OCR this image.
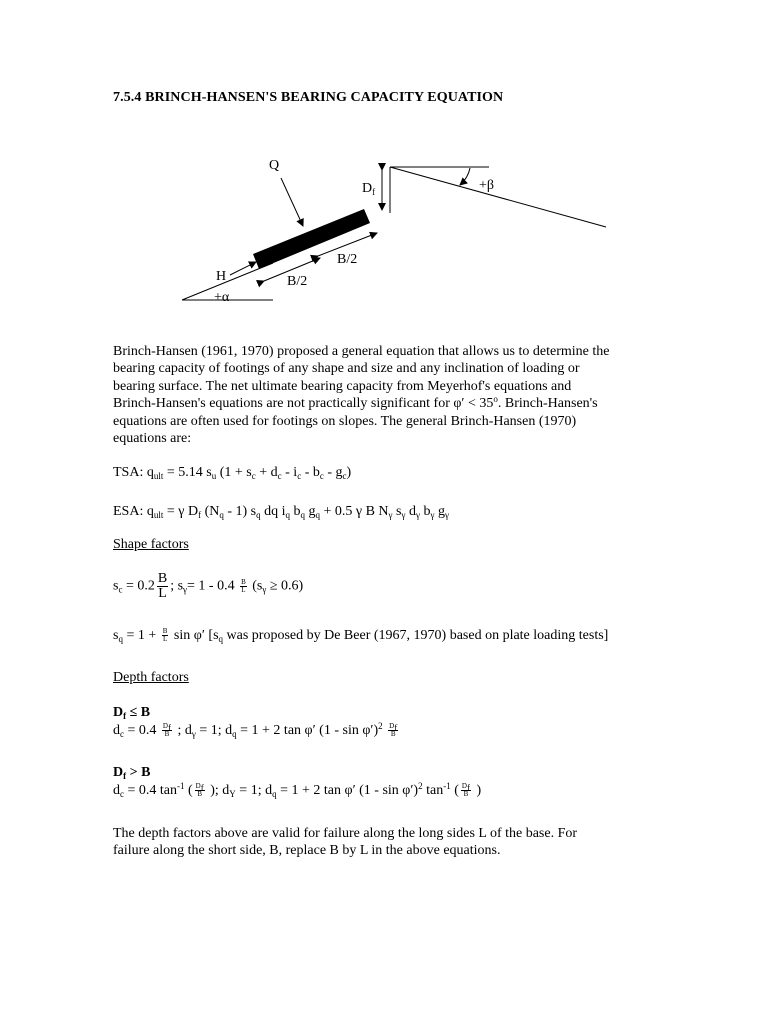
7.5.4 BRINCH-HANSEN'S BEARING CAPACITY EQUATION
Q
$D_f$	+β
B/2
B/2
H
+α
Brinch-Hansen (1961, 1970) proposed a general equation that allows us to determine the
bearing capacity of footings of any shape and size and any inclination of loading or
bearing surface. The net ultimate bearing capacity from Meyerhof's equations and
Brinch-Hansen's equations are not practically significant for $\varphi' < 35^o$. Brinch-Hansen's
equations are often used for footings on slopes. The general Brinch-Hansen (1970)
equations are:
TSA: $q_{ult} = 5.14$ $s_u$ $(1 + s_c + d_c - i_c - b_c - g_c)$
ESA: $q_{ult} = \gamma$ $D_f$ $(N_q - 1)$ $s_q$ dq $i_q$ $b_q$ $g_q + 0.5$ γ B $N_\gamma$ $s_\gamma$ $d_\gamma$ $b_\gamma$ $g_\gamma$
Shape factors
$s_c = 0.2 \frac{B}{L}$ ; $s_\gamma= 1 - 0.4 \frac{B}{L} (s_\gamma \ge 0.6)$
$s_q = 1 + \frac{B}{L}$ sin φ′ [$s_q$ was proposed by De Beer (1967, 1970) based on plate loading tests]
Depth factors
$D_f \le B$
$d_c = 0.4 \frac{D_f}{B}$ ; $d_\gamma = 1$; $d_q = 1 + 2$ tan φ′ $(1 - \sin \varphi')^2 \frac{D_f}{B}$
$D_f > B$
$d_c = 0.4$ $\tan^{-1}$ ( $\frac{D_f}{B}$ ); $d_\Upsilon = 1$; $d_q = 1 + 2$ tan φ′ (1 - sin φ′)$^2$ $\tan^{-1}$ ( $\frac{D_f}{B}$ )
The depth factors above are valid for failure along the long sides L of the base. For
failure along the short side, B, replace B by L in the above equations.
